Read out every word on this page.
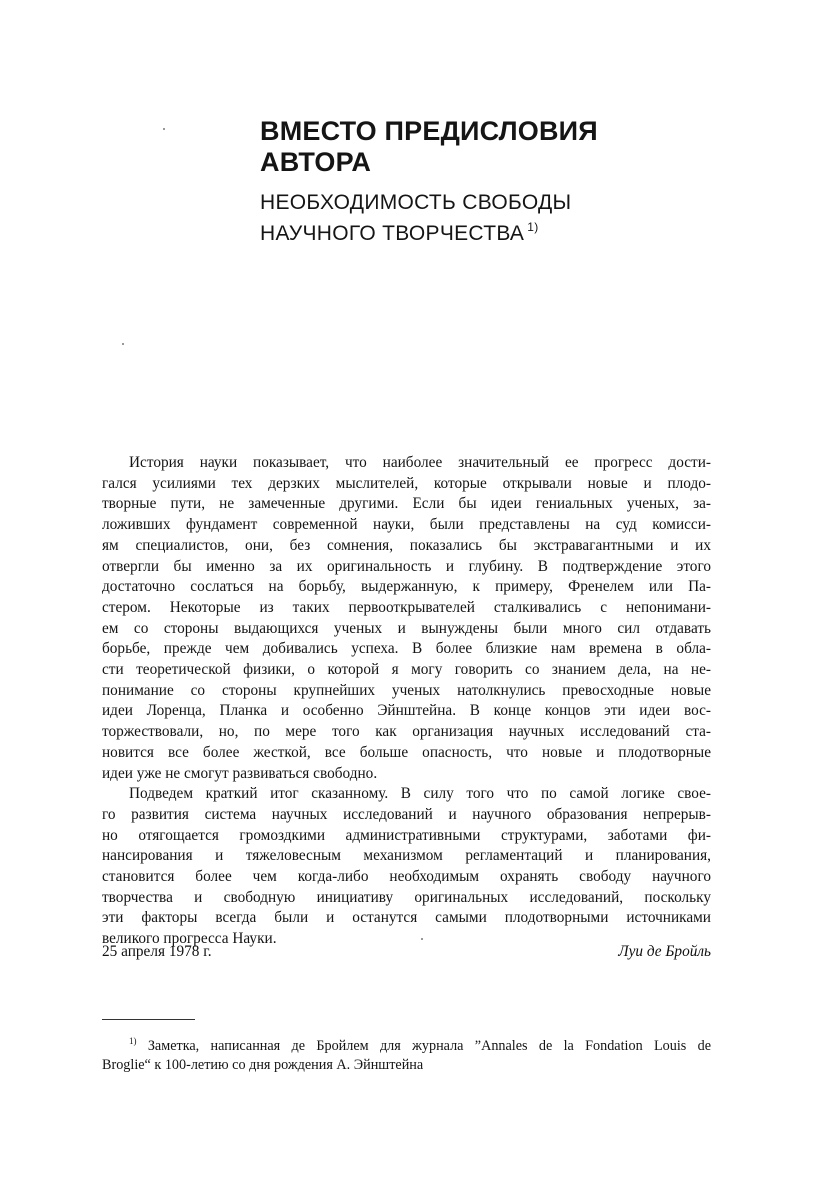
ВМЕСТО ПРЕДИСЛОВИЯ
АВТОРА
НЕОБХОДИМОСТЬ СВОБОДЫ
НАУЧНОГО ТВОРЧЕСТВА $^{1)}$
История науки показывает, что наиболее значительный ее прогресс дости-
гался усилиями тех дерзких мыслителей, которые открывали новые и плодо-
творные пути, не замеченные другими. Если бы идеи гениальных ученых, за-
ложивших фундамент современной науки, были представлены на суд комисси-
ям специалистов, они, без сомнения, показались бы экстравагантными и их
отвергли бы именно за их оригинальность и глубину. В подтверждение этого
достаточно сослаться на борьбу, выдержанную, к примеру, Френелем или Па-
стером. Некоторые из таких первооткрывателей сталкивались с непонимани-
ем со стороны выдающихся ученых и вынуждены были много сил отдавать
борьбе, прежде чем добивались успеха. В более близкие нам времена в обла-
сти теоретической физики, о которой я могу говорить со знанием дела, на не-
понимание со стороны крупнейших ученых натолкнулись превосходные новые
идеи Лоренца, Планка и особенно Эйнштейна. В конце концов эти идеи вос-
торжествовали, но, по мере того как организация научных исследований ста-
новится все более жесткой, все больше опасность, что новые и плодотворные
идеи уже не смогут развиваться свободно.
Подведем краткий итог сказанному. В силу того что по самой логике свое-
го развития система научных исследований и научного образования непрерыв-
но отягощается громоздкими административными структурами, заботами фи-
нансирования и тяжеловесным механизмом регламентаций и планирования,
становится более чем когда-либо необходимым охранять свободу научного
творчества и свободную инициативу оригинальных исследований, поскольку
эти факторы всегда были и останутся самыми плодотворными источниками
великого прогресса Науки.
25 апреля 1978 г.	Луи де Бройль
$^{1)}$ Заметка, написанная де Бройлем для журнала ”Annales de la Fondation Louis de
Broglie“ к 100-летию со дня рождения А. Эйнштейна
